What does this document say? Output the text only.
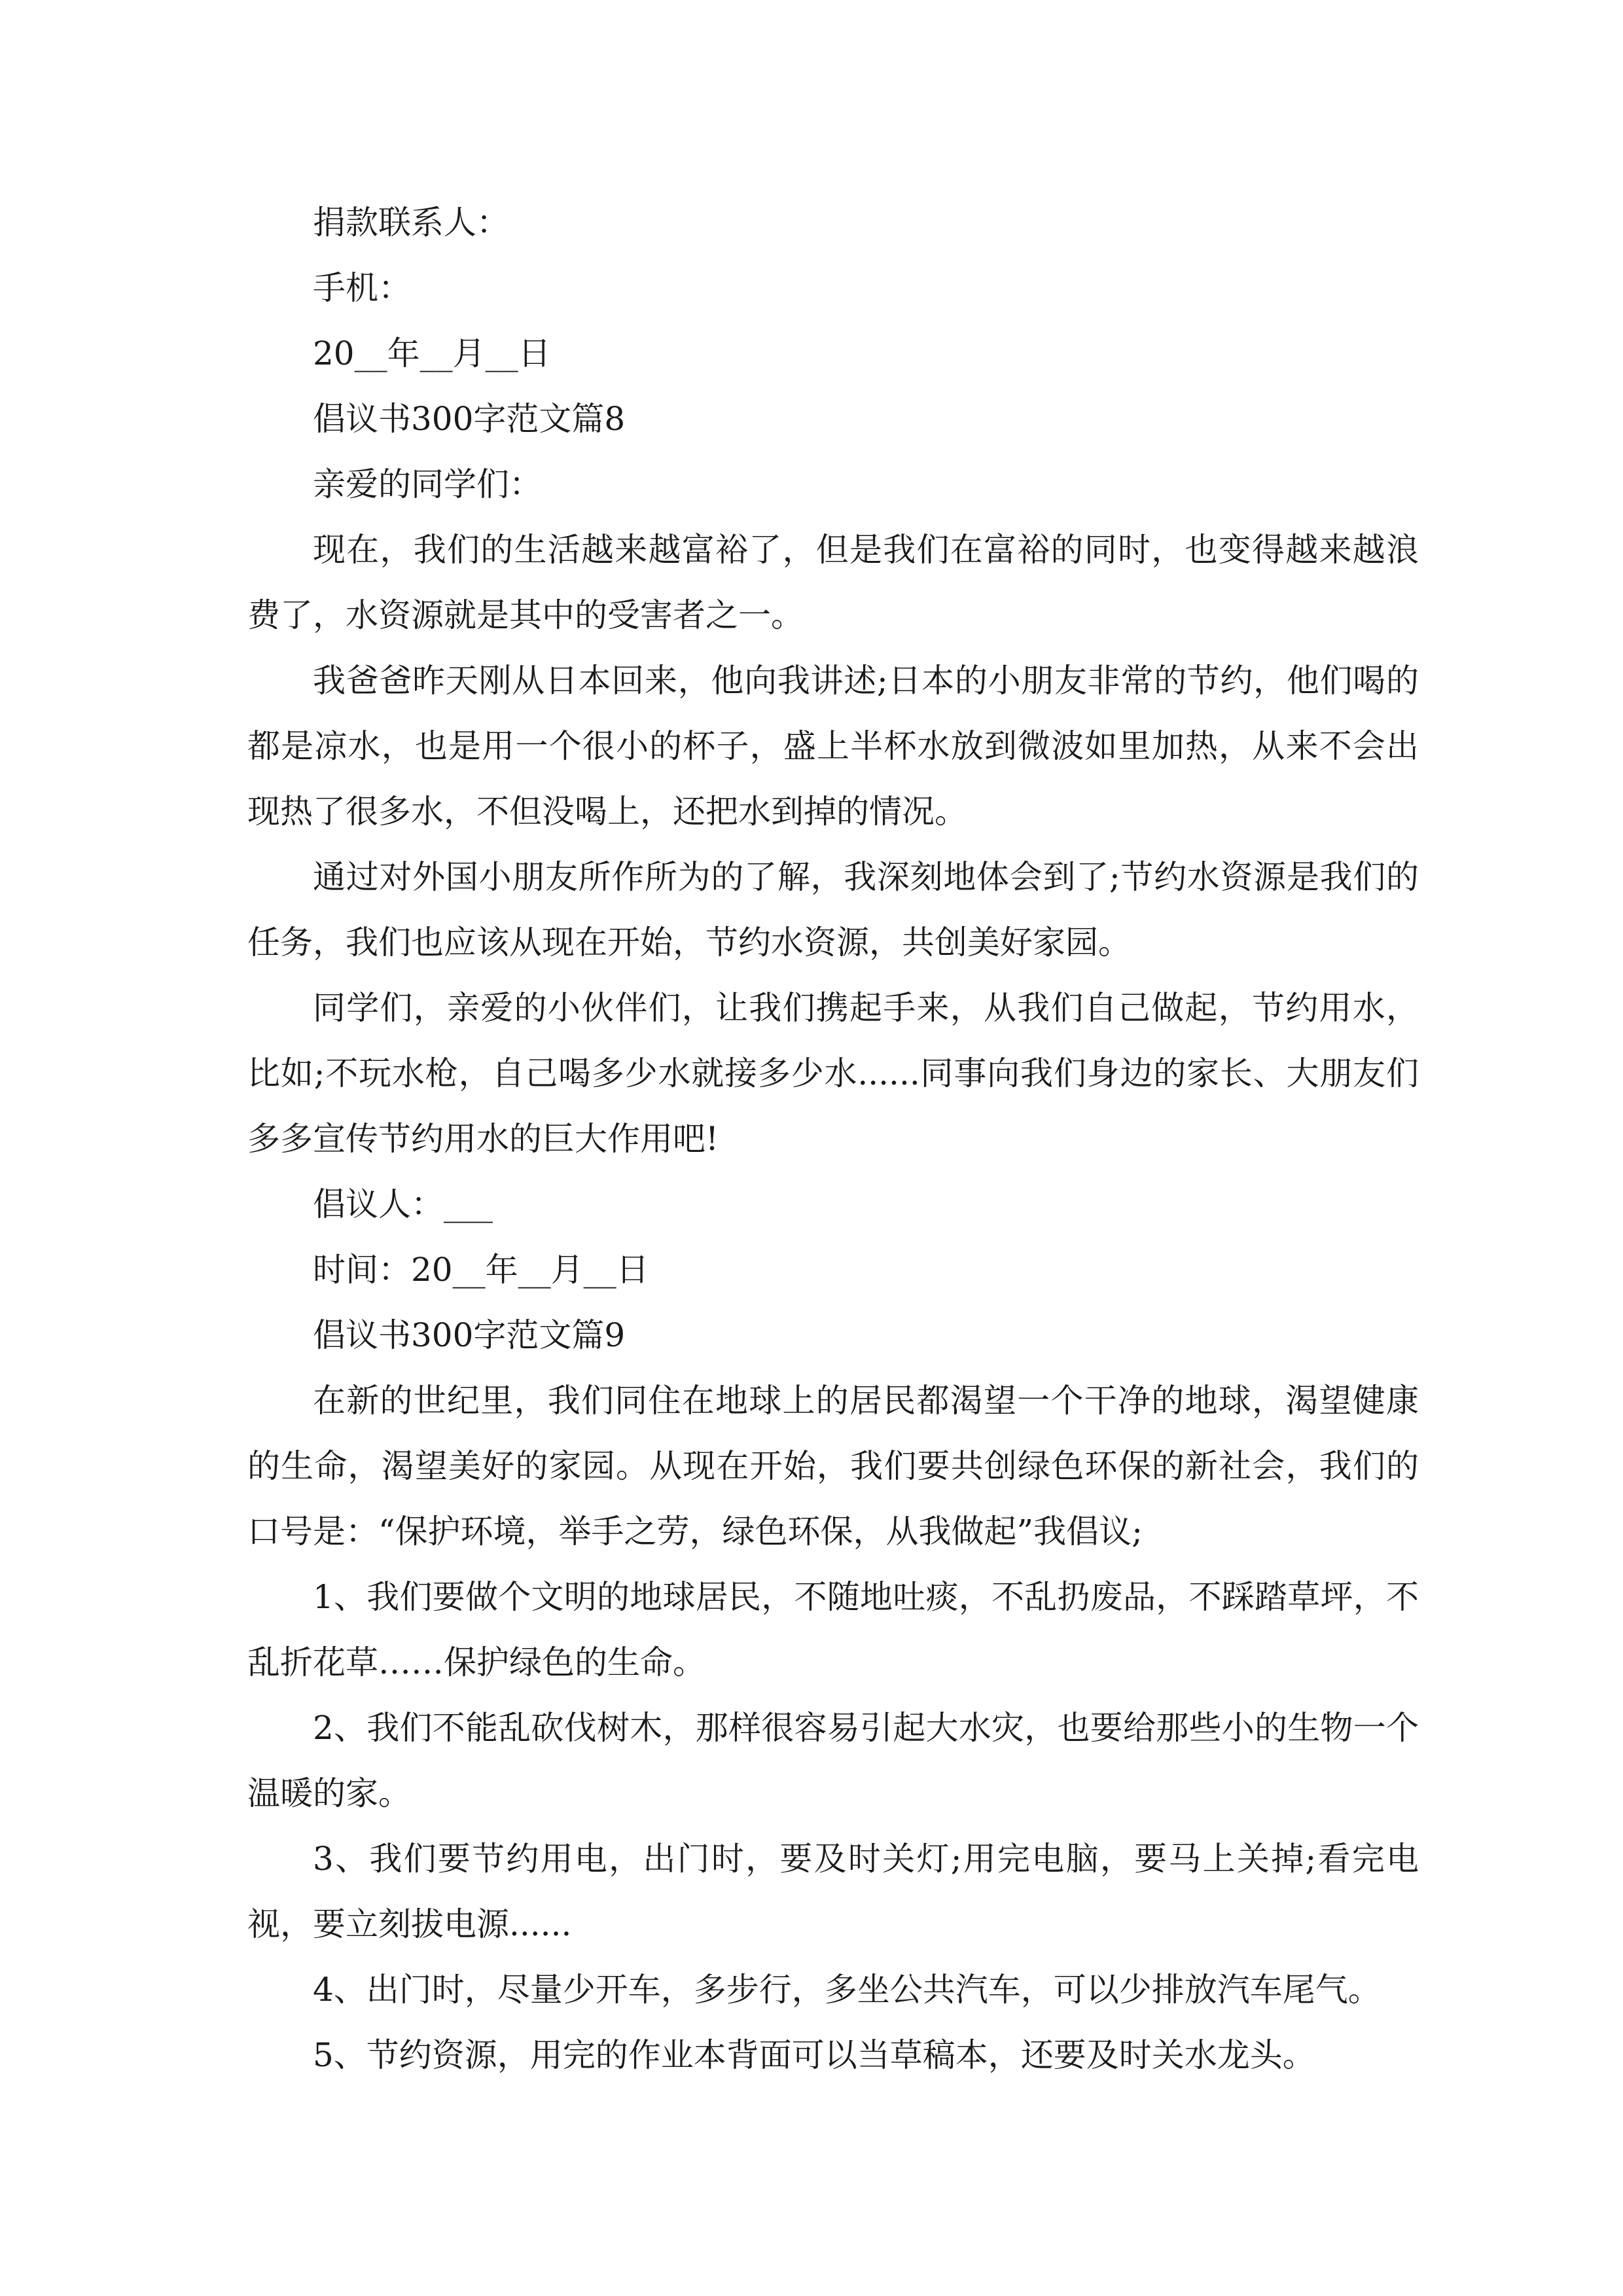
捐款联系人：

手机：

20__年__月__日

倡议书300字范文篇8

亲爱的同学们：

现在，我们的生活越来越富裕了，但是我们在富裕的同时，也变得越来越浪费了，水资源就是其中的受害者之一。

我爸爸昨天刚从日本回来，他向我讲述;日本的小朋友非常的节约，他们喝的都是凉水，也是用一个很小的杯子，盛上半杯水放到微波如里加热，从来不会出现热了很多水，不但没喝上，还把水到掉的情况。

通过对外国小朋友所作所为的了解，我深刻地体会到了;节约水资源是我们的任务，我们也应该从现在开始，节约水资源，共创美好家园。

同学们，亲爱的小伙伴们，让我们携起手来，从我们自己做起，节约用水，比如;不玩水枪，自己喝多少水就接多少水......同事向我们身边的家长、大朋友们多多宣传节约用水的巨大作用吧!

倡议人：___

时间：20__年__月__日

倡议书300字范文篇9

在新的世纪里，我们同住在地球上的居民都渴望一个干净的地球，渴望健康的生命，渴望美好的家园。从现在开始，我们要共创绿色环保的新社会，我们的口号是：“保护环境，举手之劳，绿色环保，从我做起”我倡议;

1、我们要做个文明的地球居民，不随地吐痰，不乱扔废品，不踩踏草坪，不乱折花草……保护绿色的生命。

2、我们不能乱砍伐树木，那样很容易引起大水灾，也要给那些小的生物一个温暖的家。

3、我们要节约用电，出门时，要及时关灯;用完电脑，要马上关掉;看完电视，要立刻拔电源......

4、出门时，尽量少开车，多步行，多坐公共汽车，可以少排放汽车尾气。

5、节约资源，用完的作业本背面可以当草稿本，还要及时关水龙头。
